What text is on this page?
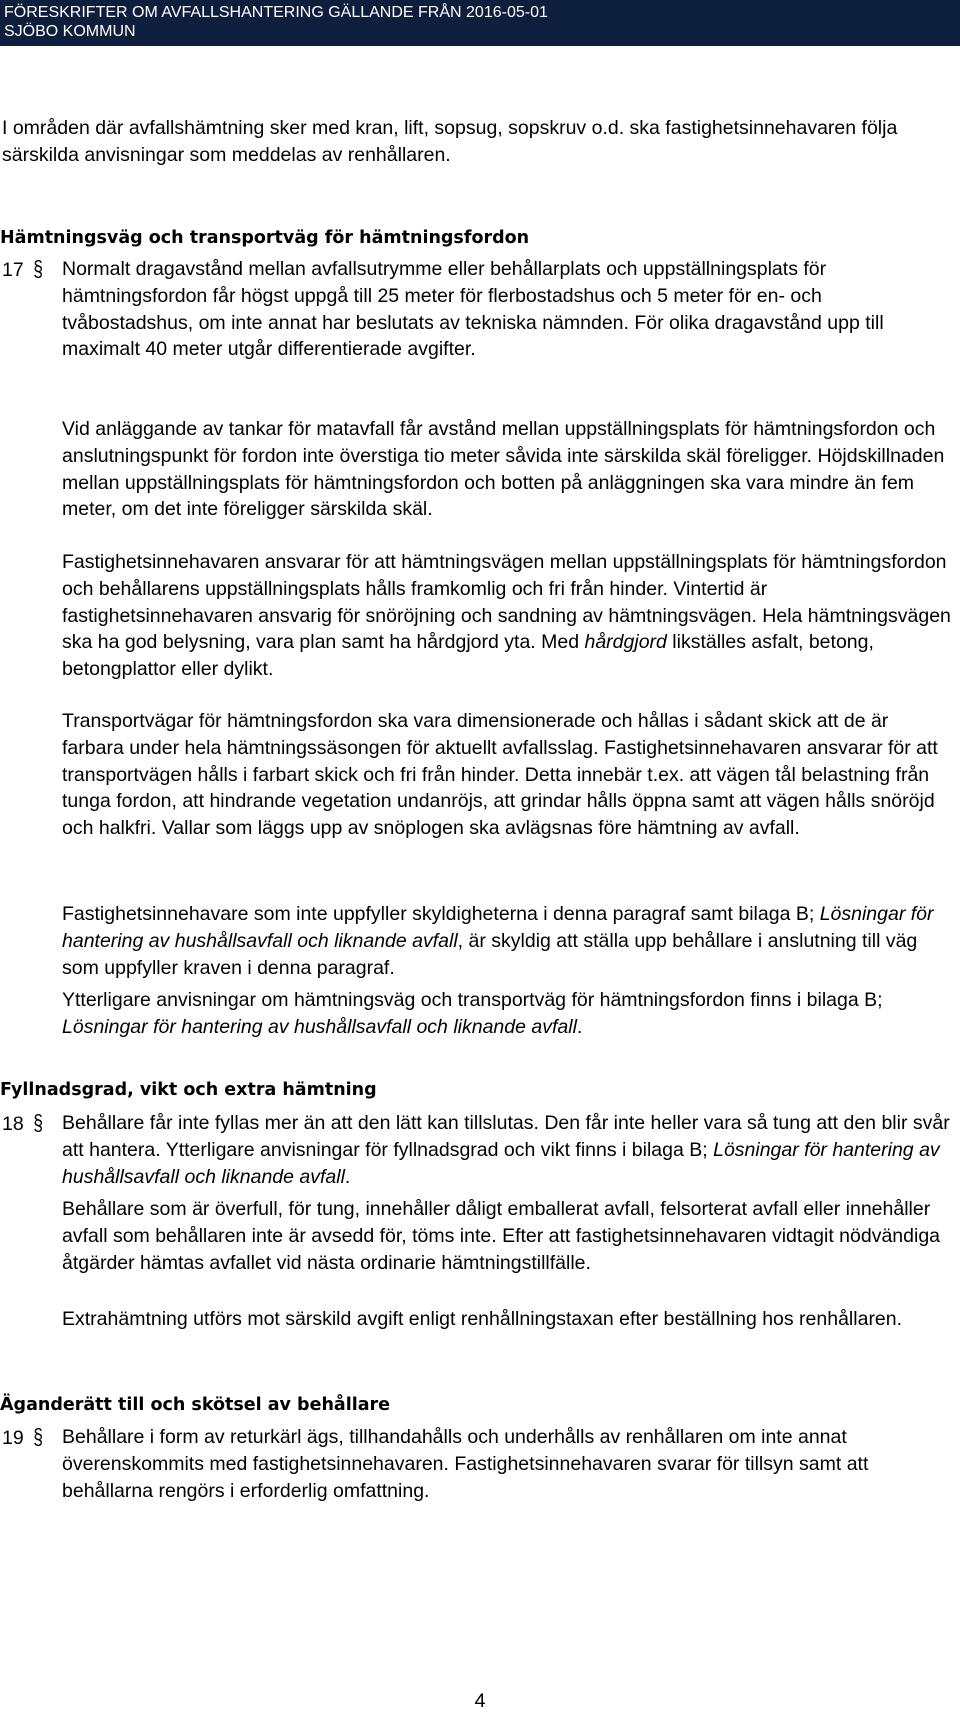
FÖRESKRIFTER OM AVFALLSHANTERING GÄLLANDE FRÅN 2016-05-01
SJÖBO KOMMUN
I områden där avfallshämtning sker med kran, lift, sopsug, sopskruv o.d. ska fastighetsinnehavaren följa särskilda anvisningar som meddelas av renhållaren.
Hämtningsväg och transportväg för hämtningsfordon
17 § Normalt dragavstånd mellan avfallsutrymme eller behållarplats och uppställningsplats för hämtningsfordon får högst uppgå till 25 meter för flerbostadshus och 5 meter för en- och tvåbostadshus, om inte annat har beslutats av tekniska nämnden. För olika dragavstånd upp till maximalt 40 meter utgår differentierade avgifter.
Vid anläggande av tankar för matavfall får avstånd mellan uppställningsplats för hämtningsfordon och anslutningspunkt för fordon inte överstiga tio meter såvida inte särskilda skäl föreligger. Höjdskillnaden mellan uppställningsplats för hämtningsfordon och botten på anläggningen ska vara mindre än fem meter, om det inte föreligger särskilda skäl.
Fastighetsinnehavaren ansvarar för att hämtningsvägen mellan uppställningsplats för hämtningsfordon och behållarens uppställningsplats hålls framkomlig och fri från hinder. Vintertid är fastighetsinnehavaren ansvarig för snöröjning och sandning av hämtningsvägen. Hela hämtningsvägen ska ha god belysning, vara plan samt ha hårdgjord yta. Med hårdgjord likställes asfalt, betong, betongplattor eller dylikt.
Transportvägar för hämtningsfordon ska vara dimensionerade och hållas i sådant skick att de är farbara under hela hämtningssäsongen för aktuellt avfallsslag. Fastighetsinnehavaren ansvarar för att transportvägen hålls i farbart skick och fri från hinder. Detta innebär t.ex. att vägen tål belastning från tunga fordon, att hindrande vegetation undanröjs, att grindar hålls öppna samt att vägen hålls snöröjd och halkfri. Vallar som läggs upp av snöplogen ska avlägsnas före hämtning av avfall.
Fastighetsinnehavare som inte uppfyller skyldigheterna i denna paragraf samt bilaga B; Lösningar för hantering av hushållsavfall och liknande avfall, är skyldig att ställa upp behållare i anslutning till väg som uppfyller kraven i denna paragraf.
Ytterligare anvisningar om hämtningsväg och transportväg för hämtningsfordon finns i bilaga B; Lösningar för hantering av hushållsavfall och liknande avfall.
Fyllnadsgrad, vikt och extra hämtning
18 § Behållare får inte fyllas mer än att den lätt kan tillslutas. Den får inte heller vara så tung att den blir svår att hantera. Ytterligare anvisningar för fyllnadsgrad och vikt finns i bilaga B; Lösningar för hantering av hushållsavfall och liknande avfall.
Behållare som är överfull, för tung, innehåller dåligt emballerat avfall, felsorterat avfall eller innehåller avfall som behållaren inte är avsedd för, töms inte. Efter att fastighetsinnehavaren vidtagit nödvändiga åtgärder hämtas avfallet vid nästa ordinarie hämtningstillfälle.
Extrahämtning utförs mot särskild avgift enligt renhållningstaxan efter beställning hos renhållaren.
Äganderätt till och skötsel av behållare
19 § Behållare i form av returkärl ägs, tillhandahålls och underhålls av renhållaren om inte annat överenskommits med fastighetsinnehavaren. Fastighetsinnehavaren svarar för tillsyn samt att behållarna rengörs i erforderlig omfattning.
4
